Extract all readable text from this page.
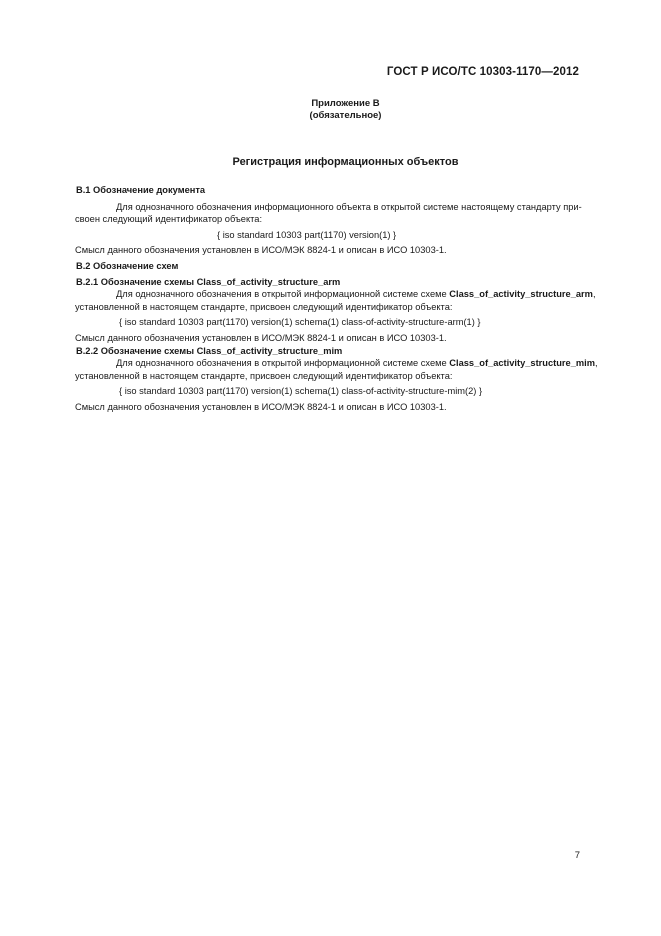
ГОСТ Р ИСО/ТС 10303-1170—2012
Приложение В
(обязательное)
Регистрация информационных объектов
В.1 Обозначение документа
Для однозначного обозначения информационного объекта в открытой системе настоящему стандарту при-
своен следующий идентификатор объекта:
{ iso standard 10303 part(1170) version(1) }
Смысл данного обозначения установлен в ИСО/МЭК 8824-1 и описан в ИСО 10303-1.
В.2 Обозначение схем
В.2.1 Обозначение схемы Class_of_activity_structure_arm
Для однозначного обозначения в открытой информационной системе схеме Class_of_activity_structure_arm,
установленной в настоящем стандарте, присвоен следующий идентификатор объекта:
{ iso standard 10303 part(1170) version(1) schema(1) class-of-activity-structure-arm(1) }
Смысл данного обозначения установлен в ИСО/МЭК 8824-1 и описан в ИСО 10303-1.
В.2.2 Обозначение схемы Class_of_activity_structure_mim
Для однозначного обозначения в открытой информационной системе схеме Class_of_activity_structure_mim,
установленной в настоящем стандарте, присвоен следующий идентификатор объекта:
{ iso standard 10303 part(1170) version(1) schema(1) class-of-activity-structure-mim(2) }
Смысл данного обозначения установлен в ИСО/МЭК 8824-1 и описан в ИСО 10303-1.
7
